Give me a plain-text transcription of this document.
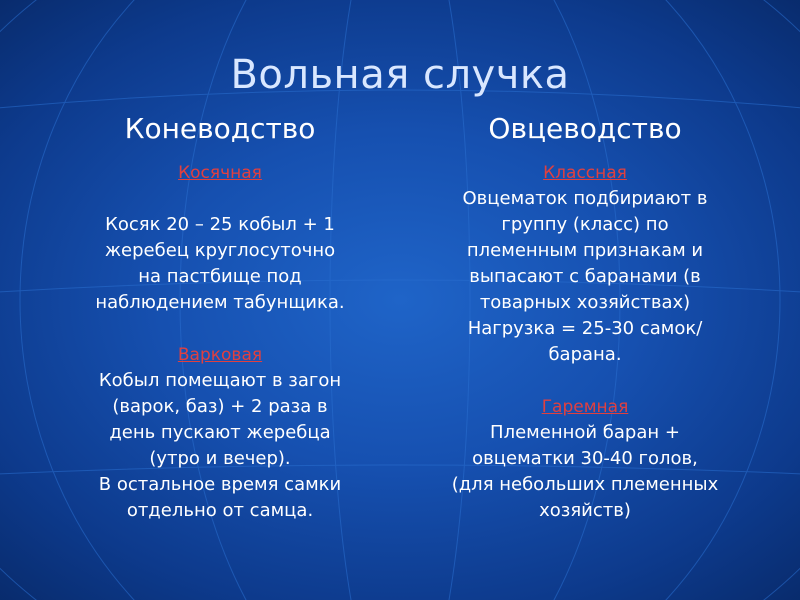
Вольная случка
Коневодство	Овцеводство
Косячная

Косяк 20 – 25 кобыл + 1
жеребец круглосуточно
на пастбище под
наблюдением табунщика.

Варковая

Кобыл помещают в загон
(варок, баз) + 2 раза в
день пускают жеребца
(утро и вечер).

В остальное время самки
отдельно от самца.

Классная

Овцематок подбириают в
группу (класс) по
племенным признакам и
выпасают с баранами (в
товарных хозяйствах)

Нагрузка = 25-30 самок/
барана.

Гаремная

Племенной баран +
овцематки 30-40 голов,
(для небольших племенных
хозяйств)
